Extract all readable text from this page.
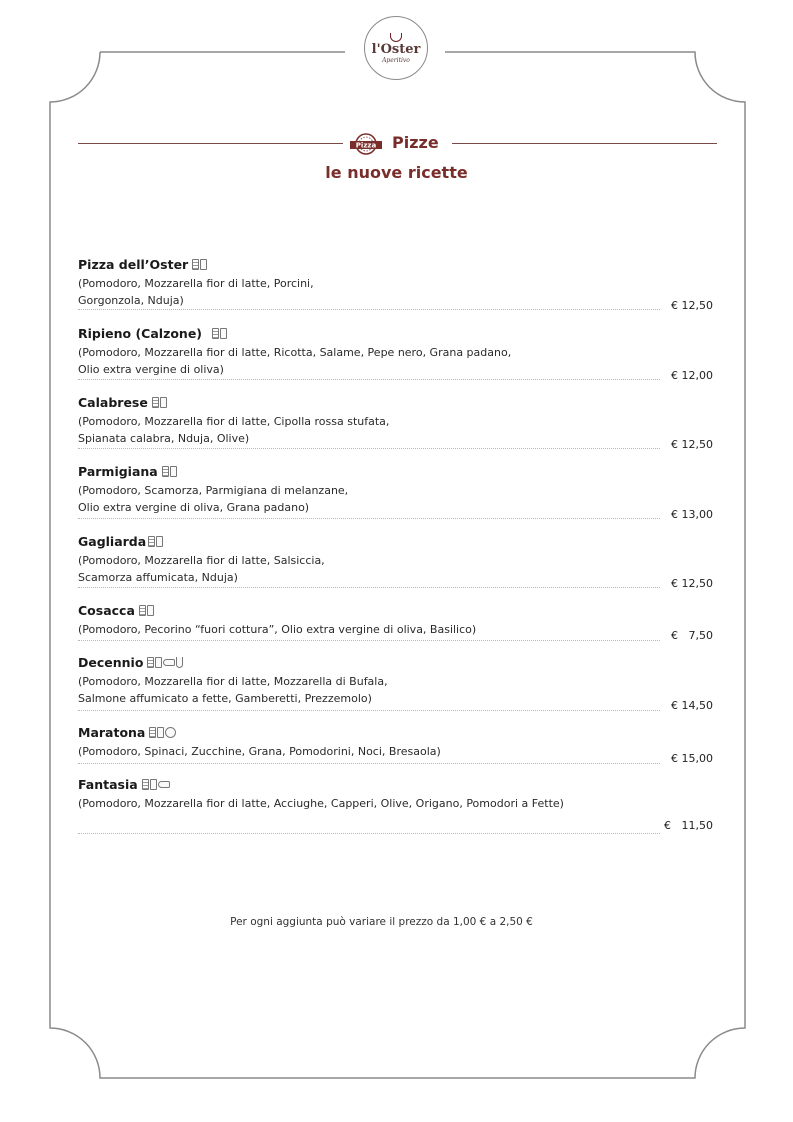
l'Oster
Aperitivo
Pizza Pizze
le nuove ricette
Pizza dell’Oster
(Pomodoro, Mozzarella fior di latte, Porcini,
Gorgonzola, Nduja)	€ 12,50
Ripieno (Calzone)
(Pomodoro, Mozzarella fior di latte, Ricotta, Salame, Pepe nero, Grana padano,
Olio extra vergine di oliva)	€ 12,00
Calabrese
(Pomodoro, Mozzarella fior di latte, Cipolla rossa stufata,
Spianata calabra, Nduja, Olive)	€ 12,50
Parmigiana
(Pomodoro, Scamorza, Parmigiana di melanzane,
Olio extra vergine di oliva, Grana padano)
€ 13,00
Gagliarda
(Pomodoro, Mozzarella fior di latte, Salsiccia,
Scamorza affumicata, Nduja)	€ 12,50
Cosacca
(Pomodoro, Pecorino “fuori cottura”, Olio extra vergine di oliva, Basilico)	€   7,50
Decennio
(Pomodoro, Mozzarella fior di latte, Mozzarella di Bufala,
Salmone affumicato a fette, Gamberetti, Prezzemolo)
€ 14,50
Maratona
(Pomodoro, Spinaci, Zucchine, Grana, Pomodorini, Noci, Bresaola)
€ 15,00
Fantasia
(Pomodoro, Mozzarella fior di latte, Acciughe, Capperi, Olive, Origano, Pomodori a Fette)
€   11,50
Per ogni aggiunta può variare il prezzo da 1,00 € a 2,50 €
